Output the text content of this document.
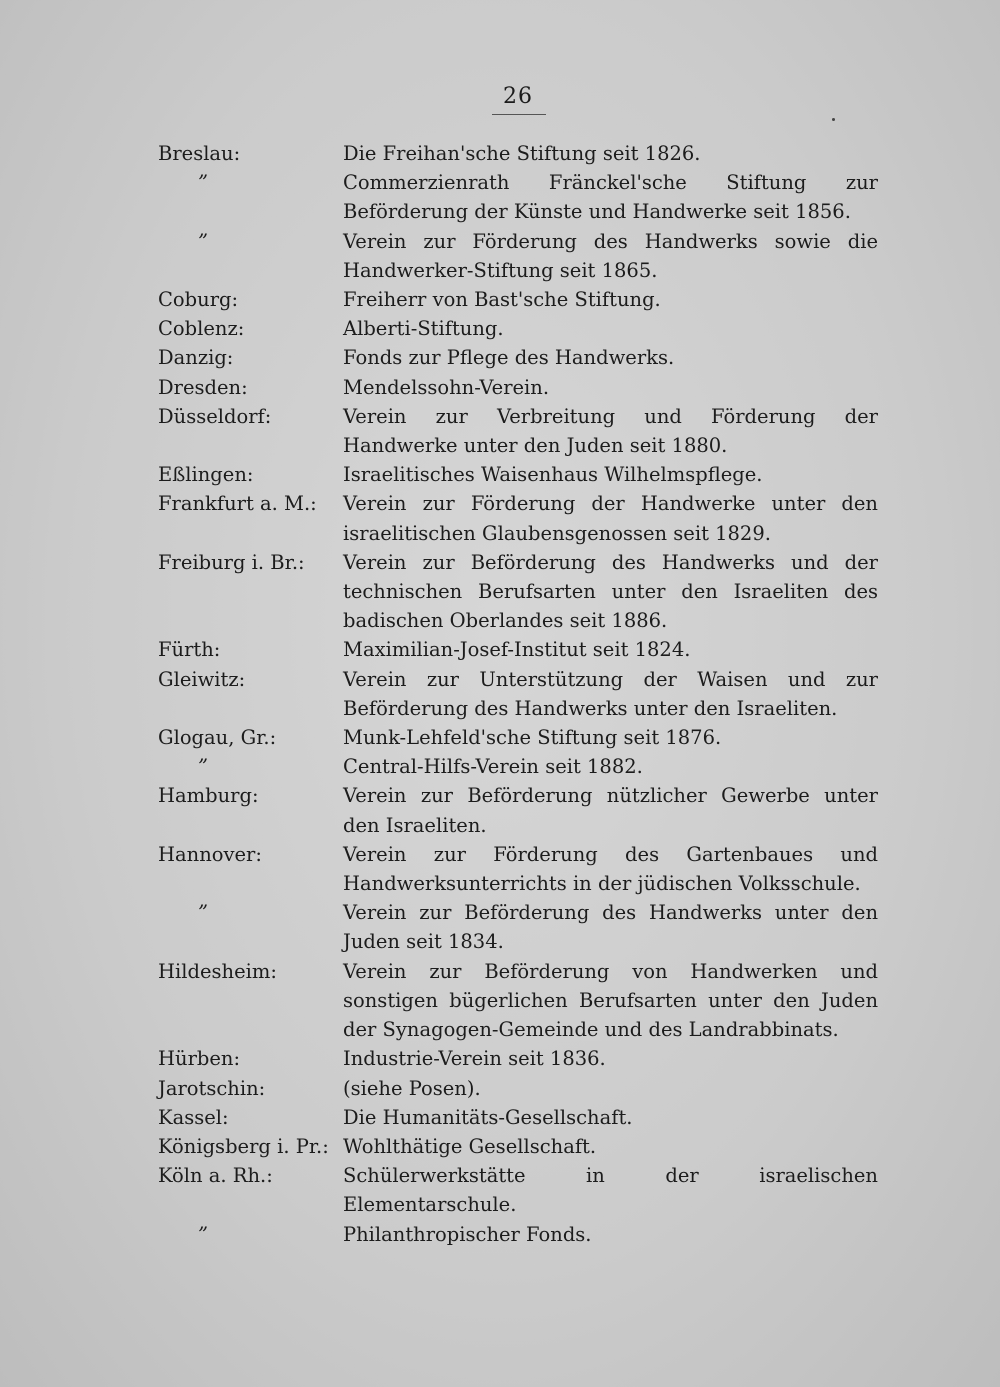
26
Breslau:	Die Freihan'sche Stiftung seit 1826.
”	Commerzienrath Fränckel'sche Stiftung zur Beförderung der Künste und Handwerke seit 1856.
”	Verein zur Förderung des Handwerks sowie die Handwerker-Stiftung seit 1865.
Coburg:	Freiherr von Bast'sche Stiftung.
Coblenz:	Alberti-Stiftung.
Danzig:	Fonds zur Pflege des Handwerks.
Dresden:	Mendelssohn-Verein.
Düsseldorf:	Verein zur Verbreitung und Förderung der Handwerke unter den Juden seit 1880.
Eßlingen:	Israelitisches Waisenhaus Wilhelmspflege.
Frankfurt a. M.:	Verein zur Förderung der Handwerke unter den israelitischen Glaubensgenossen seit 1829.
Freiburg i. Br.:	Verein zur Beförderung des Handwerks und der technischen Berufsarten unter den Israeliten des badischen Oberlandes seit 1886.
Fürth:	Maximilian-Josef-Institut seit 1824.
Gleiwitz:	Verein zur Unterstützung der Waisen und zur Beförderung des Handwerks unter den Israeliten.
Glogau, Gr.:	Munk-Lehfeld'sche Stiftung seit 1876.
”	Central-Hilfs-Verein seit 1882.
Hamburg:	Verein zur Beförderung nützlicher Gewerbe unter den Israeliten.
Hannover:	Verein zur Förderung des Gartenbaues und Handwerksunterrichts in der jüdischen Volksschule.
”	Verein zur Beförderung des Handwerks unter den Juden seit 1834.
Hildesheim:	Verein zur Beförderung von Handwerken und sonstigen bügerlichen Berufsarten unter den Juden der Synagogen-Gemeinde und des Landrabbinats.
Hürben:	Industrie-Verein seit 1836.
Jarotschin:	(siehe Posen).
Kassel:	Die Humanitäts-Gesellschaft.
Königsberg i. Pr.: Wohlthätige Gesellschaft.
Köln a. Rh.:	Schülerwerkstätte in der israelischen Elementarschule.
”	Philanthropischer Fonds.
